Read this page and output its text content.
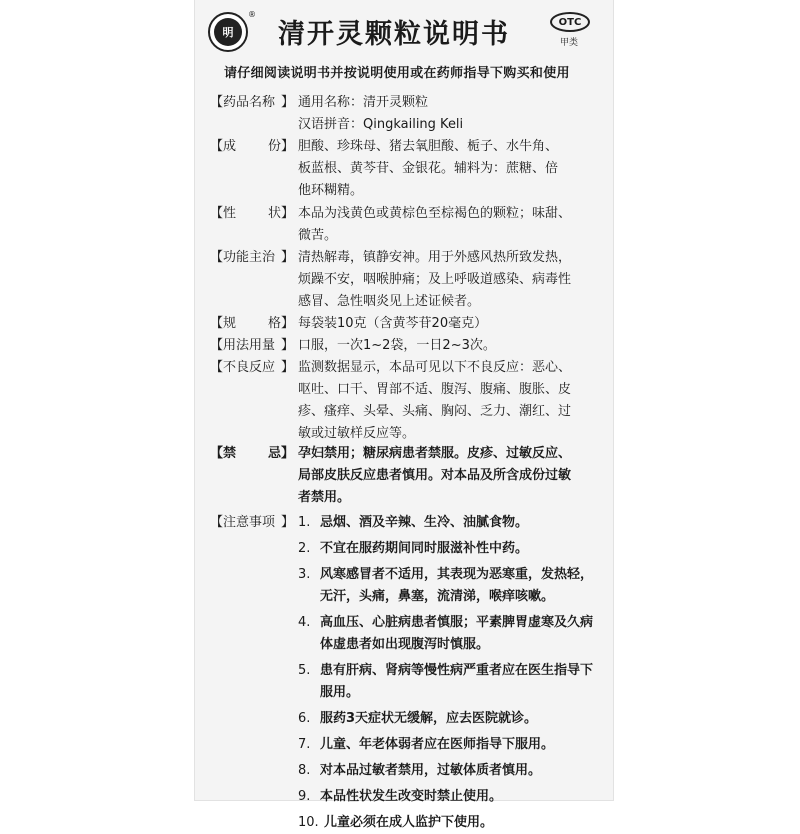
明
®
清开灵颗粒说明书	OTC
甲类
请仔细阅读说明书并按说明使用或在药师指导下购买和使用
【药品名称 】 通用名称：清开灵颗粒
汉语拼音：Qingkailing Keli
【成 份】 胆酸、珍珠母、猪去氧胆酸、栀子、水牛角、
板蓝根、黄芩苷、金银花。辅料为：蔗糖、倍
他环糊精。
【性 状】 本品为浅黄色或黄棕色至棕褐色的颗粒；味甜、
微苦。
【功能主治 】 清热解毒，镇静安神。用于外感风热所致发热，
烦躁不安，咽喉肿痛；及上呼吸道感染、病毒性
感冒、急性咽炎见上述证候者。
【规 格】 每袋装10克（含黄芩苷20毫克）
【用法用量 】 口服，一次1~2袋，一日2~3次。
【不良反应 】 监测数据显示，本品可见以下不良反应：恶心、
呕吐、口干、胃部不适、腹泻、腹痛、腹胀、皮
疹、瘙痒、头晕、头痛、胸闷、乏力、潮红、过
敏或过敏样反应等。
【禁 忌】 孕妇禁用；糖尿病患者禁服。皮疹、过敏反应、
局部皮肤反应患者慎用。对本品及所含成份过敏
者禁用。
【注意事项 】 1. 忌烟、酒及辛辣、生冷、油腻食物。
2. 不宜在服药期间同时服滋补性中药。
3. 风寒感冒者不适用，其表现为恶寒重，发热轻，无汗，头痛，鼻塞，流清涕，喉痒咳嗽。
4. 高血压、心脏病患者慎服；平素脾胃虚寒及久病体虚患者如出现腹泻时慎服。
5. 患有肝病、肾病等慢性病严重者应在医生指导下服用。
6. 服药3天症状无缓解，应去医院就诊。
7. 儿童、年老体弱者应在医师指导下服用。
8. 对本品过敏者禁用，过敏体质者慎用。
9. 本品性状发生改变时禁止使用。
10. 儿童必须在成人监护下使用。
